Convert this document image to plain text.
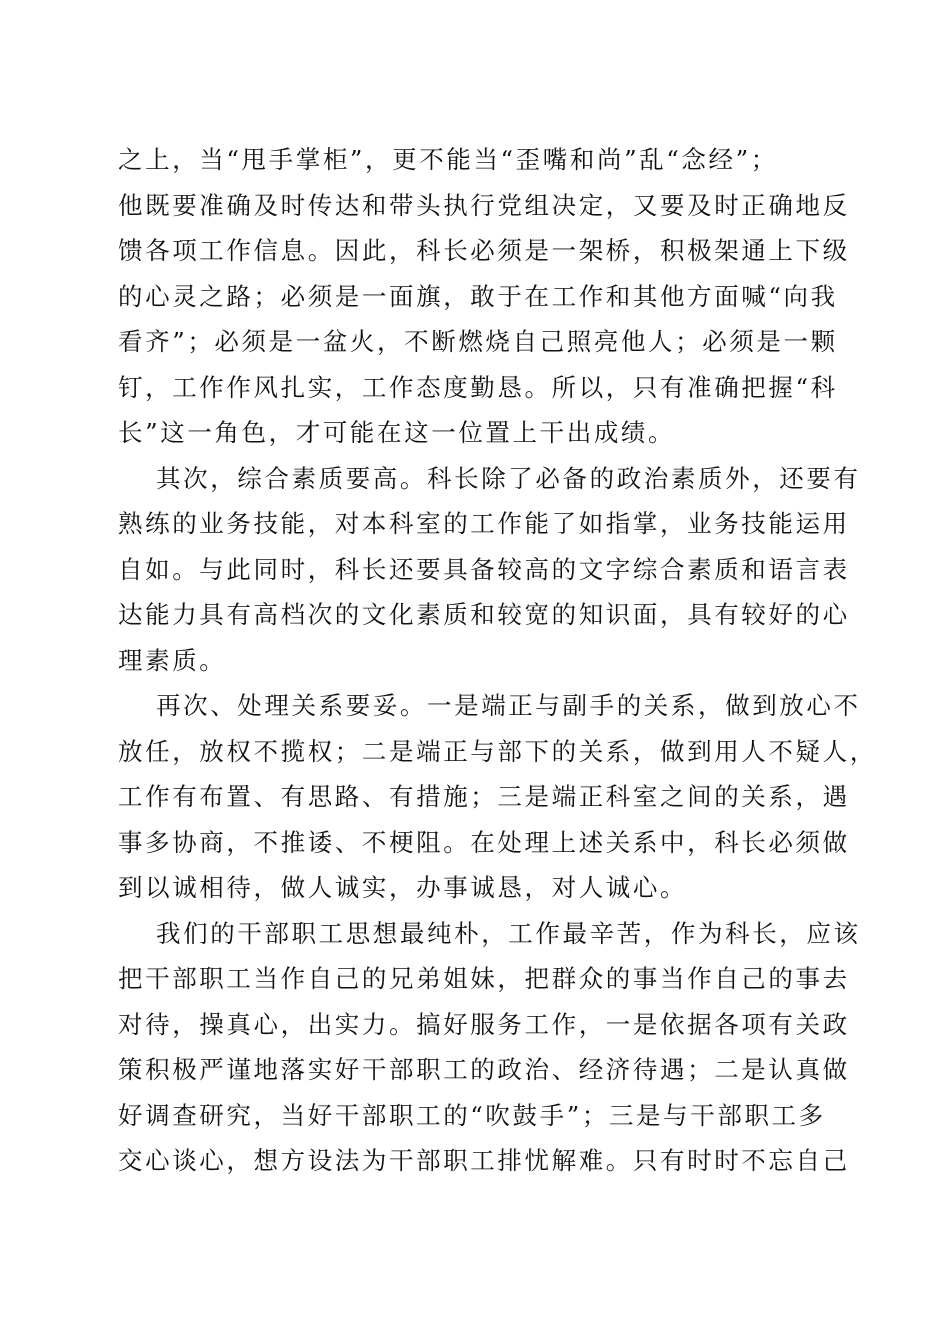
之上，当“甩手掌柜”，更不能当“歪嘴和尚”乱“念经”；
他既要准确及时传达和带头执行党组决定，又要及时正确地反
馈各项工作信息。因此，科长必须是一架桥，积极架通上下级
的心灵之路；必须是一面旗，敢于在工作和其他方面喊“向我
看齐”；必须是一盆火，不断燃烧自己照亮他人；必须是一颗
钉，工作作风扎实，工作态度勤恳。所以，只有准确把握“科
长”这一角色，才可能在这一位置上干出成绩。
其次，综合素质要高。科长除了必备的政治素质外，还要有
熟练的业务技能，对本科室的工作能了如指掌，业务技能运用
自如。与此同时，科长还要具备较高的文字综合素质和语言表
达能力具有高档次的文化素质和较宽的知识面，具有较好的心
理素质。
再次、处理关系要妥。一是端正与副手的关系，做到放心不
放任，放权不揽权；二是端正与部下的关系，做到用人不疑人，
工作有布置、有思路、有措施；三是端正科室之间的关系，遇
事多协商，不推诿、不梗阻。在处理上述关系中，科长必须做
到以诚相待，做人诚实，办事诚恳，对人诚心。
我们的干部职工思想最纯朴，工作最辛苦，作为科长，应该
把干部职工当作自己的兄弟姐妹，把群众的事当作自己的事去
对待，操真心，出实力。搞好服务工作，一是依据各项有关政
策积极严谨地落实好干部职工的政治、经济待遇；二是认真做
好调查研究，当好干部职工的“吹鼓手”；三是与干部职工多
交心谈心，想方设法为干部职工排忧解难。只有时时不忘自己
